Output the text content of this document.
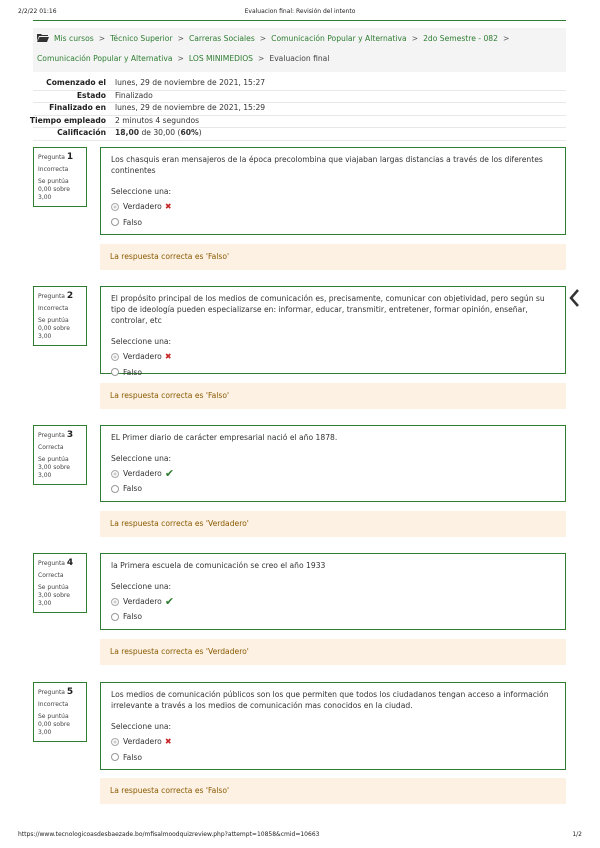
2/2/22 01:16	Evaluacion final: Revisión del intento
Mis cursos > Técnico Superior > Carreras Sociales > Comunicación Popular y Alternativa > 2do Semestre - 082 >
Comunicación Popular y Alternativa > LOS MINIMEDIOS > Evaluacion final
Comenzado el lunes, 29 de noviembre de 2021, 15:27
Estado Finalizado
Finalizado en lunes, 29 de noviembre de 2021, 15:29
Tiempo empleado 2 minutos 4 segundos
Calificación 18,00 de 30,00 (60%)
Pregunta 1
Incorrecta
Se puntúa 0,00 sobre 3,00
Los chasquis eran mensajeros de la época precolombina que viajaban largas distancias a través de los diferentes continentes
Seleccione una:
Verdadero ✖
Falso
La respuesta correcta es 'Falso'
Pregunta 2
Incorrecta
Se puntúa 0,00 sobre 3,00
El propósito principal de los medios de comunicación es, precisamente, comunicar con objetividad, pero según su tipo de ideología pueden especializarse en: informar, educar, transmitir, entretener, formar opinión, enseñar, controlar, etc
Seleccione una:
Verdadero ✖
Falso
La respuesta correcta es 'Falso'
Pregunta 3
Correcta
Se puntúa 3,00 sobre 3,00
EL Primer diario de carácter empresarial nació el año 1878.
Seleccione una:
Verdadero ✔
Falso
La respuesta correcta es 'Verdadero'
Pregunta 4
Correcta
Se puntúa 3,00 sobre 3,00
la Primera escuela de comunicación se creo el año 1933
Seleccione una:
Verdadero ✔
Falso
La respuesta correcta es 'Verdadero'
Pregunta 5
Incorrecta
Se puntúa 0,00 sobre 3,00
Los medios de comunicación públicos son los que permiten que todos los ciudadanos tengan acceso a información irrelevante a través a los medios de comunicación mas conocidos en la ciudad.
Seleccione una:
Verdadero ✖
Falso
La respuesta correcta es 'Falso'
https://www.tecnologicoasdesbaezade.bo/mfisalmoodquizreview.php?attempt=10858&cmid=10663	1/2
